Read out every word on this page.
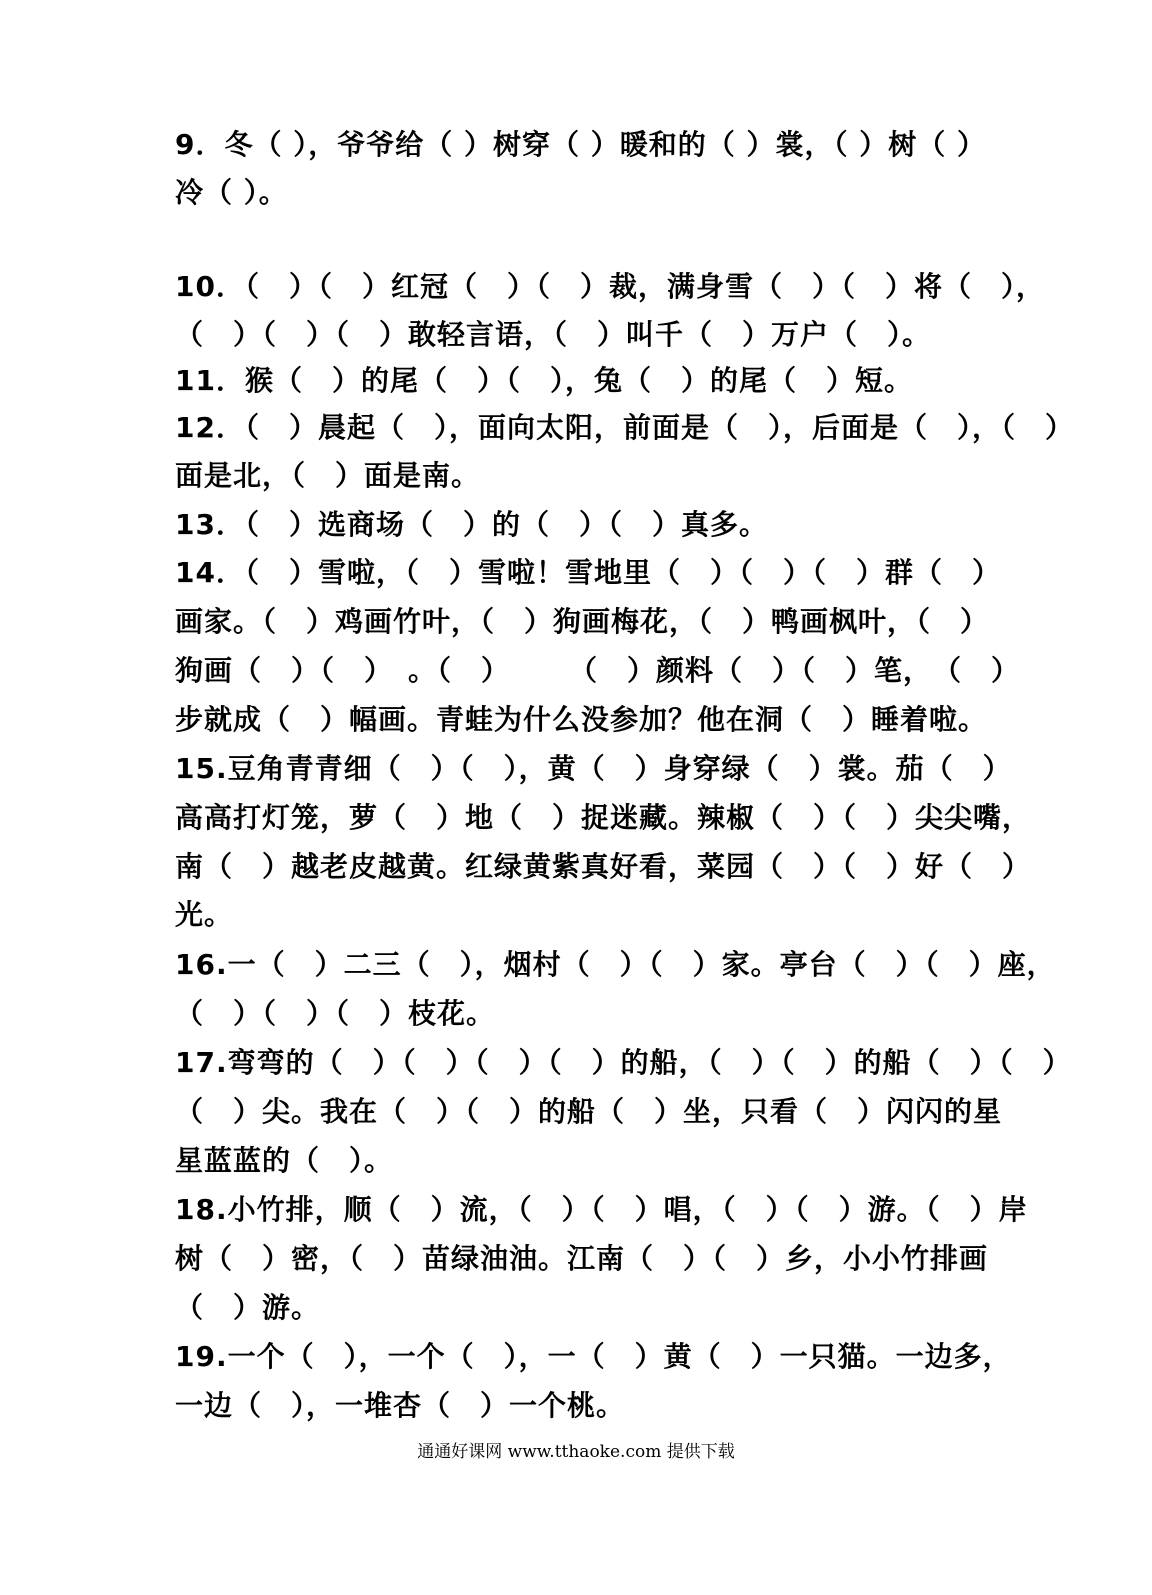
9．冬（ ），爷爷给（ ）树穿（ ）暖和的（ ）裳，（ ）树（ ）
冷（ ）。
10．（　）（　）红冠（　）（　）裁，满身雪（　）（　）将（　），
（　）（　）（　）敢轻言语，（　）叫千（　）万户（　）。
11．猴（　）的尾（　）（　），兔（　）的尾（　）短。
12．（　）晨起（　），面向太阳，前面是（　），后面是（　），（　）
面是北，（　）面是南。
13．（　）选商场（　）的（　）（　）真多。
14．（　）雪啦，（　）雪啦！雪地里（　）（　）（　）群（　）
画家。（　）鸡画竹叶，（　）狗画梅花，（　）鸭画枫叶，（　）
狗画（　）（　）　。（　）　　　（　）颜料（　）（　）笔，　（　）
步就成（　）幅画。青蛙为什么没参加？他在洞（　）睡着啦。
15.豆角青青细（　）（　），黄（　）身穿绿（　）裳。茄（　）
高高打灯笼，萝（　）地（　）捉迷藏。辣椒（　）（　）尖尖嘴，
南（　）越老皮越黄。红绿黄紫真好看，菜园（　）（　）好（　）
光。
16.一（　）二三（　），烟村（　）（　）家。亭台（　）（　）座，
（　）（　）（　）枝花。
17.弯弯的（　）（　）（　）（　）的船，（　）（　）的船（　）（　）
（　）尖。我在（　）（　）的船（　）坐，只看（　）闪闪的星
星蓝蓝的（　）。
18.小竹排，顺（　）流，（　）（　）唱，（　）（　）游。（　）岸
树（　）密，（　）苗绿油油。江南（　）（　）乡，小小竹排画
（　）游。
19.一个（　），一个（　），一（　）黄（　）一只猫。一边多，
一边（　），一堆杏（　）一个桃。
通通好课网 www.tthaoke.com 提供下载
